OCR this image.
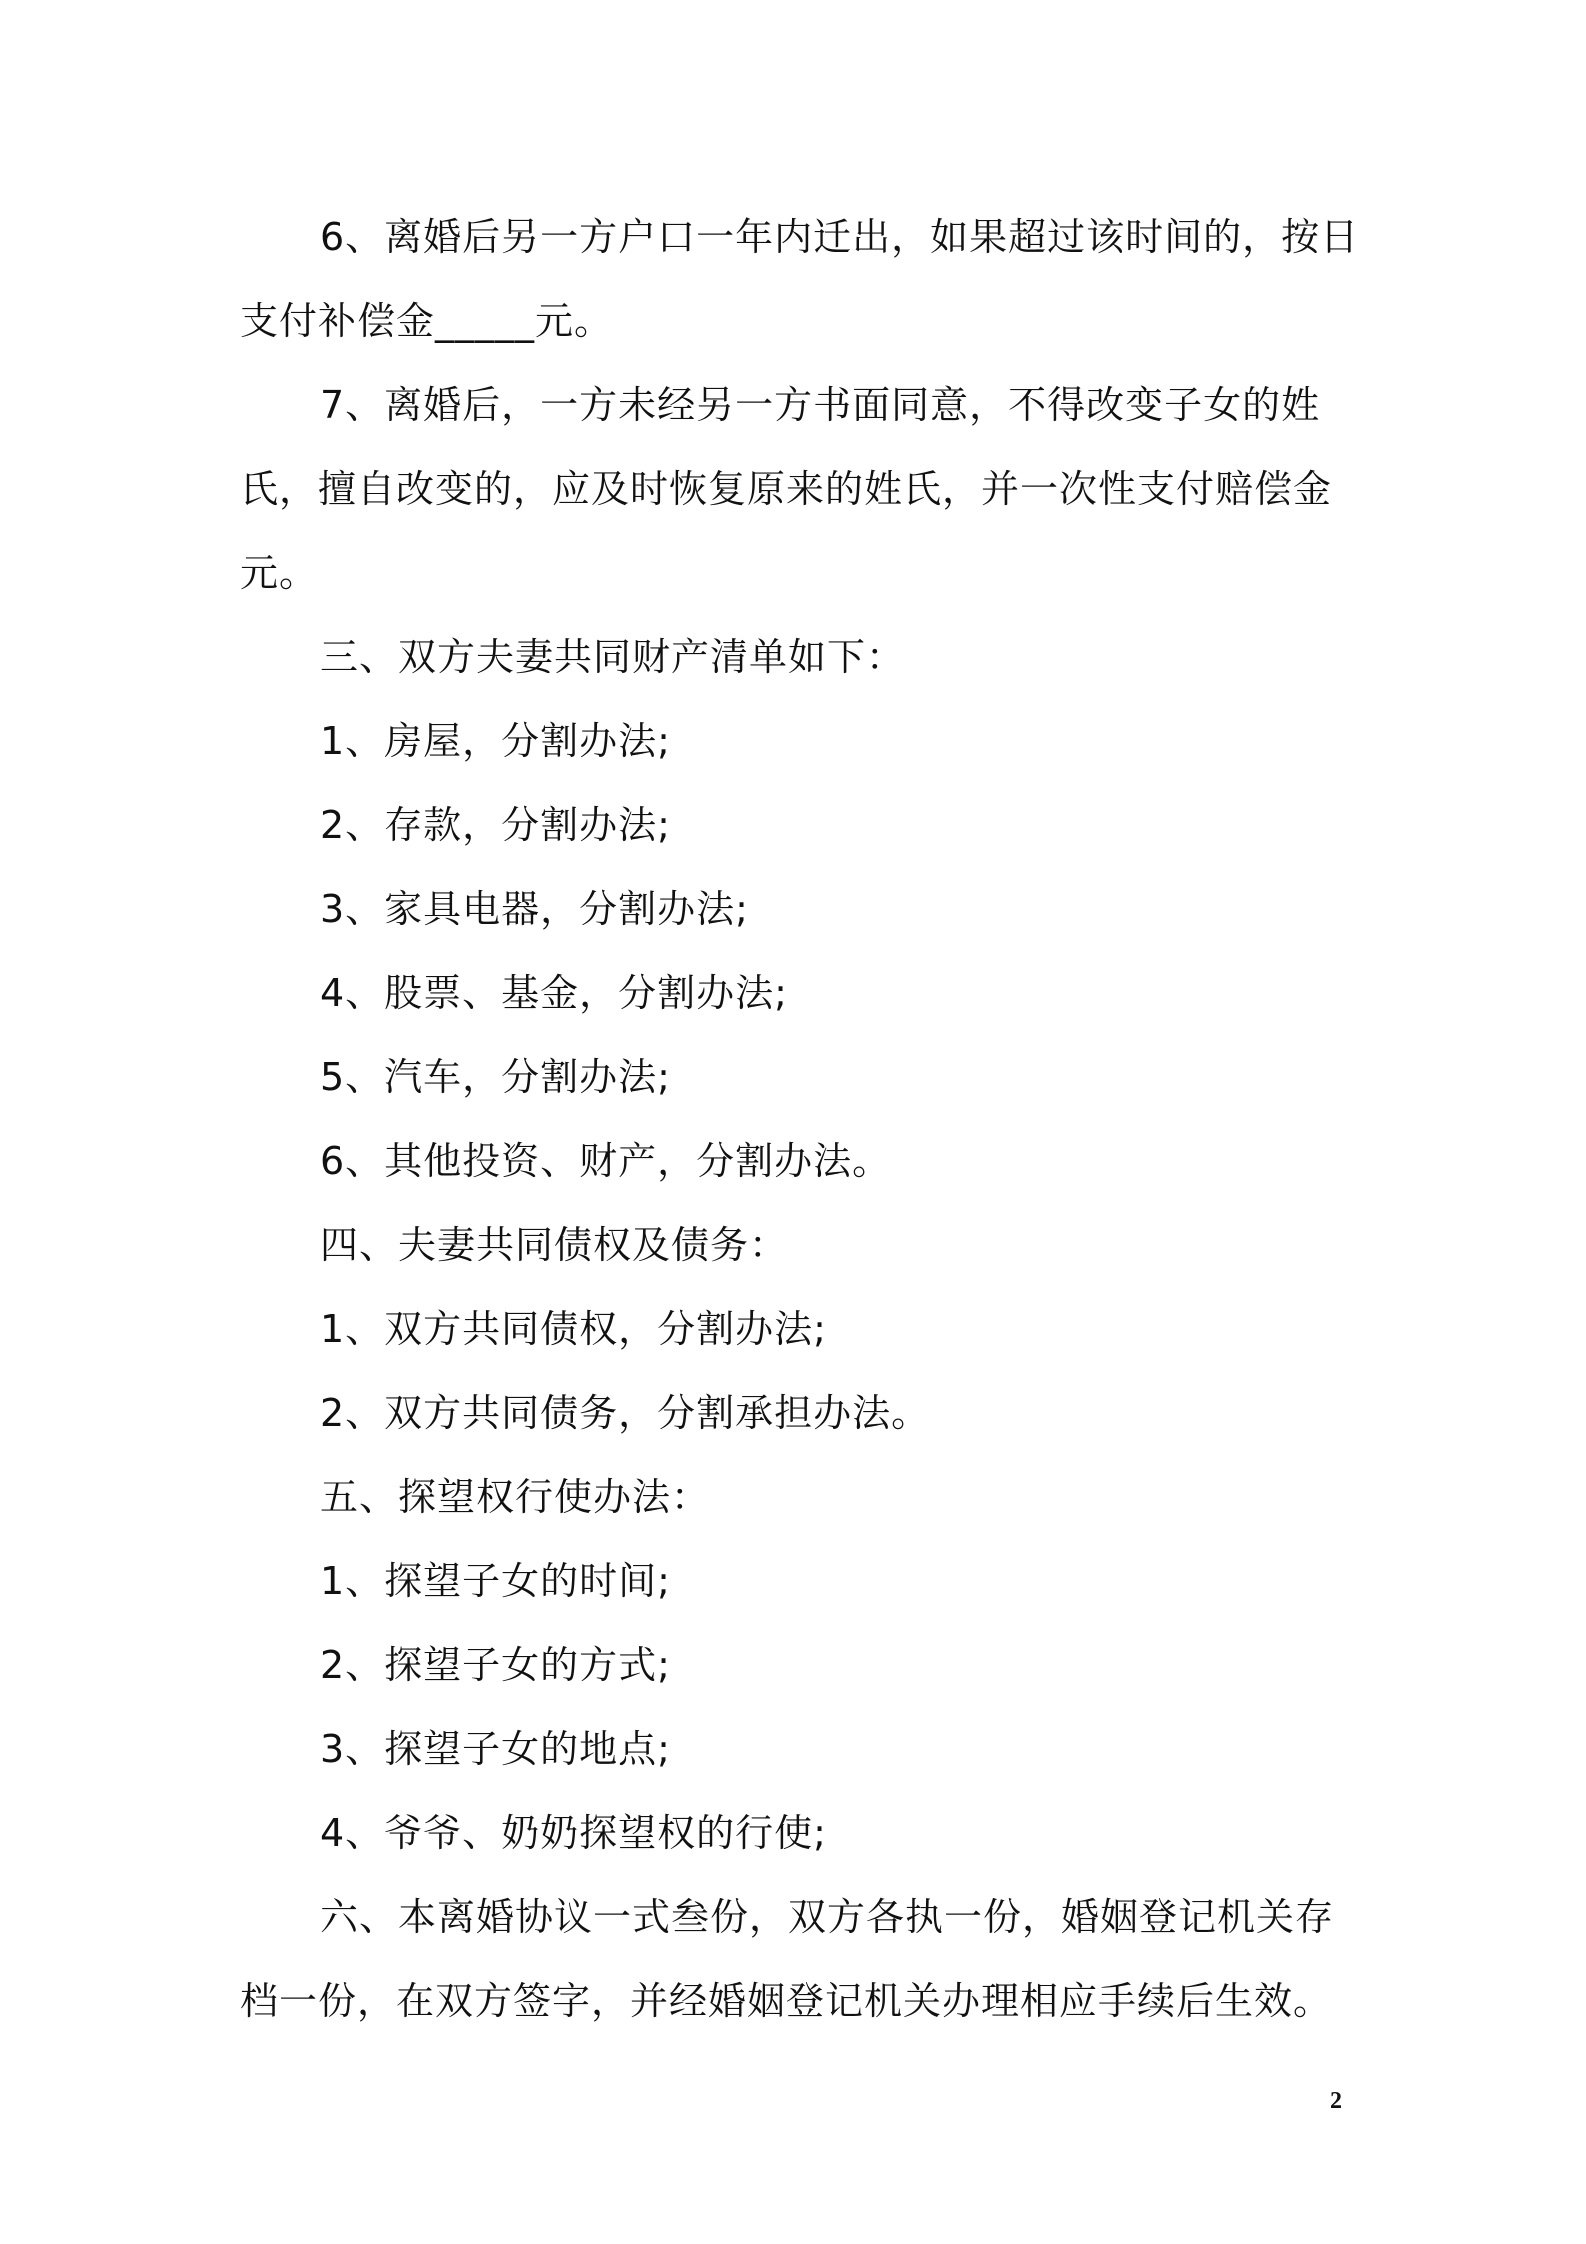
6、离婚后另一方户口一年内迁出，如果超过该时间的，按日支付补偿金_____元。

7、离婚后，一方未经另一方书面同意，不得改变子女的姓氏，擅自改变的，应及时恢复原来的姓氏，并一次性支付赔偿金元。

三、双方夫妻共同财产清单如下：

1、房屋，分割办法;

2、存款，分割办法;

3、家具电器，分割办法;

4、股票、基金，分割办法;

5、汽车，分割办法;

6、其他投资、财产，分割办法。

四、夫妻共同债权及债务：

1、双方共同债权，分割办法;

2、双方共同债务，分割承担办法。

五、探望权行使办法：

1、探望子女的时间;

2、探望子女的方式;

3、探望子女的地点;

4、爷爷、奶奶探望权的行使;

六、本离婚协议一式叁份，双方各执一份，婚姻登记机关存档一份，在双方签字，并经婚姻登记机关办理相应手续后生效。

2
